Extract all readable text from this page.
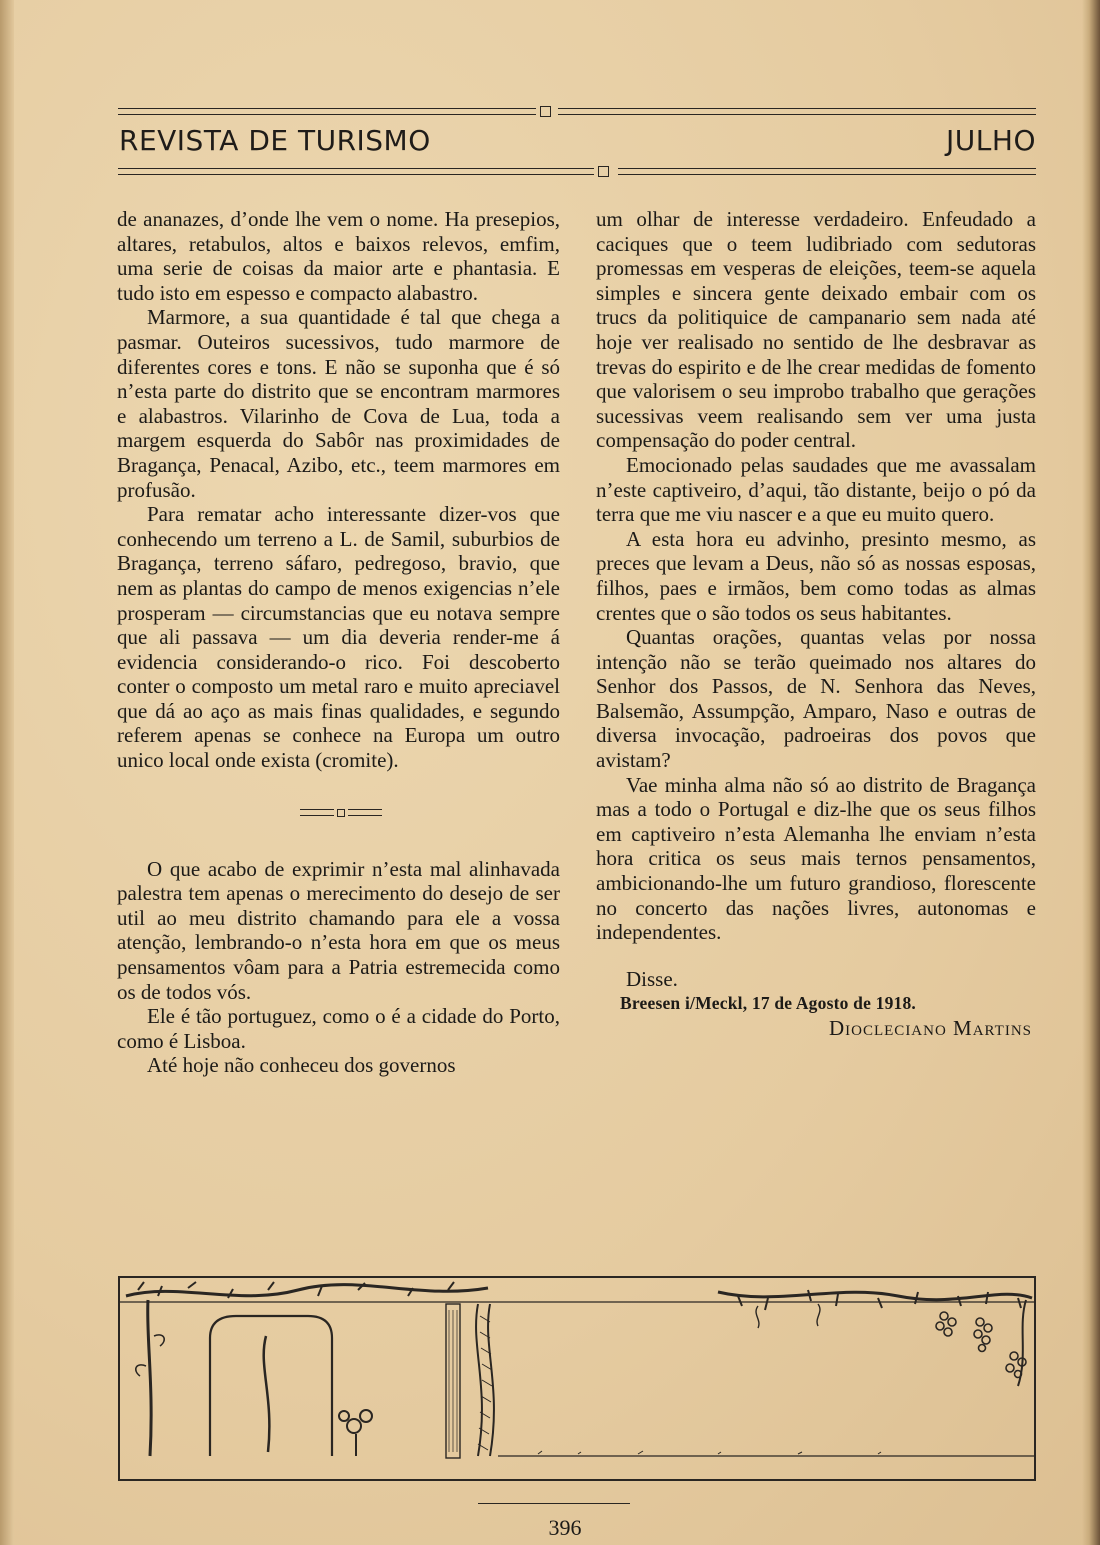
REVISTA DE TURISMO	JULHO

de ananazes, d’onde lhe vem o nome. Ha presepios, altares, retabulos, altos e baixos relevos, emfim, uma serie de coisas da maior arte e phantasia. E tudo isto em espesso e compacto alabastro.

Marmore, a sua quantidade é tal que chega a pasmar. Outeiros sucessivos, tudo marmore de diferentes cores e tons. E não se suponha que é só n’esta parte do distrito que se encontram marmores e alabastros. Vilarinho de Cova de Lua, toda a margem esquerda do Sabôr nas proximidades de Bragança, Penacal, Azibo, etc., teem marmores em profusão.

Para rematar acho interessante dizer-vos que conhecendo um terreno a L. de Samil, suburbios de Bragança, terreno sáfaro, pedregoso, bravio, que nem as plantas do campo de menos exigencias n’ele prosperam — circumstancias que eu notava sempre que ali passava — um dia deveria render-me á evidencia considerando-o rico. Foi descoberto conter o composto um metal raro e muito apreciavel que dá ao aço as mais finas qualidades, e segundo referem apenas se conhece na Europa um outro unico local onde exista (cromite).

O que acabo de exprimir n’esta mal alinhavada palestra tem apenas o merecimento do desejo de ser util ao meu distrito chamando para ele a vossa atenção, lembrando-o n’esta hora em que os meus pensamentos vôam para a Patria estremecida como os de todos vós.

Ele é tão portuguez, como o é a cidade do Porto, como é Lisboa.

Até hoje não conheceu dos governos

um olhar de interesse verdadeiro. Enfeudado a caciques que o teem ludibriado com sedutoras promessas em vesperas de eleições, teem-se aquela simples e sincera gente deixado embair com os trucs da politiquice de campanario sem nada até hoje ver realisado no sentido de lhe desbravar as trevas do espirito e de lhe crear medidas de fomento que valorisem o seu improbo trabalho que gerações sucessivas veem realisando sem ver uma justa compensação do poder central.

Emocionado pelas saudades que me avassalam n’este captiveiro, d’aqui, tão distante, beijo o pó da terra que me viu nascer e a que eu muito quero.

A esta hora eu advinho, presinto mesmo, as preces que levam a Deus, não só as nossas esposas, filhos, paes e irmãos, bem como todas as almas crentes que o são todos os seus habitantes.

Quantas orações, quantas velas por nossa intenção não se terão queimado nos altares do Senhor dos Passos, de N. Senhora das Neves, Balsemão, Assumpção, Amparo, Naso e outras de diversa invocação, padroeiras dos povos que avistam?

Vae minha alma não só ao distrito de Bragança mas a todo o Portugal e diz-lhe que os seus filhos em captiveiro n’esta Alemanha lhe enviam n’esta hora critica os seus mais ternos pensamentos, ambicionando-lhe um futuro grandioso, florescente no concerto das nações livres, autonomas e independentes.

Disse.

Breesen i/Meckl, 17 de Agosto de 1918.

Diocleciano Martins

396
